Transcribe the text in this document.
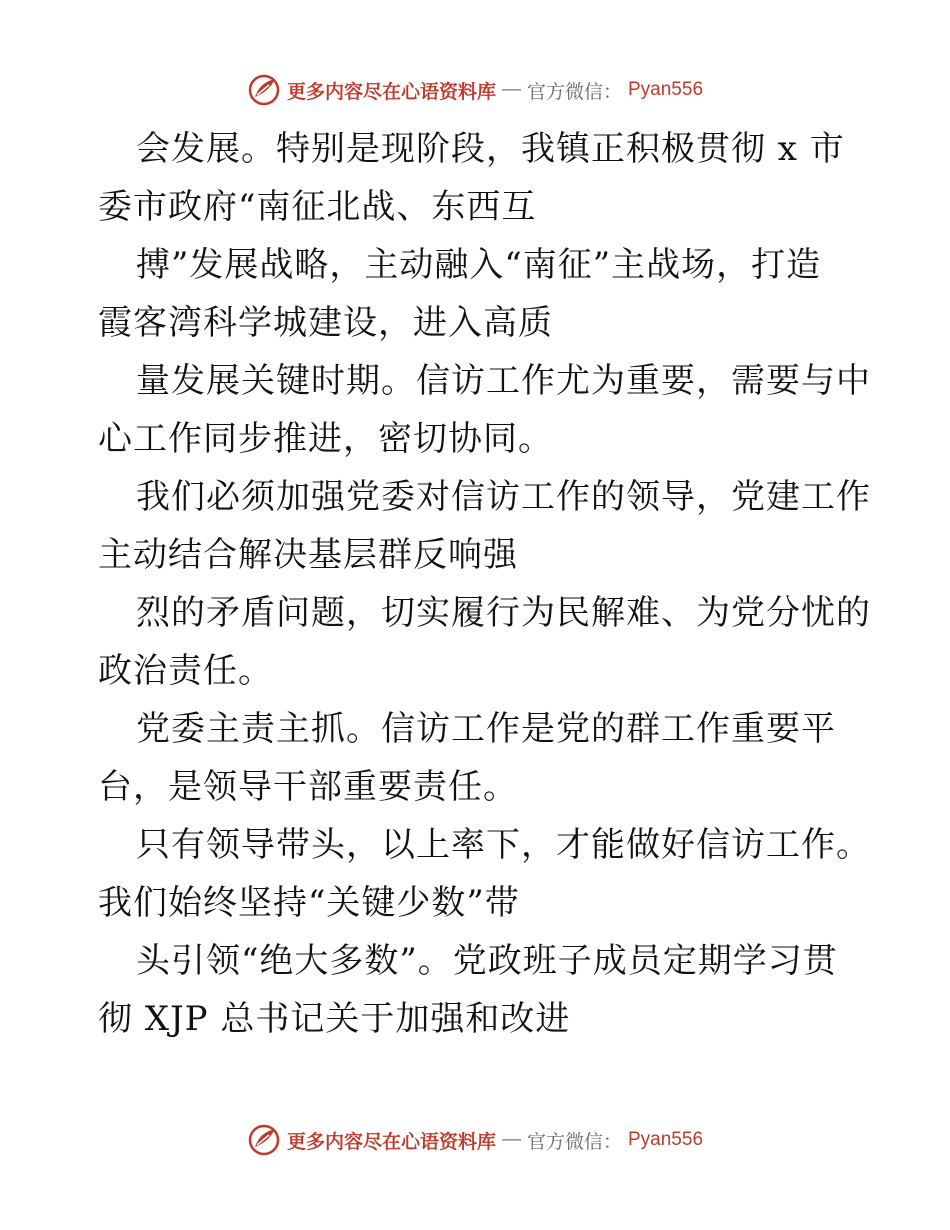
更多内容尽在心语资料库 — 官方微信： Pyan556
会发展。特别是现阶段，我镇正积极贯彻 x 市
委市政府“南征北战、东西互
搏”发展战略，主动融入“南征”主战场，打造
霞客湾科学城建设，进入高质
量发展关键时期。信访工作尤为重要，需要与中
心工作同步推进，密切协同。
我们必须加强党委对信访工作的领导，党建工作
主动结合解决基层群反响强
烈的矛盾问题，切实履行为民解难、为党分忧的
政治责任。
党委主责主抓。信访工作是党的群工作重要平
台，是领导干部重要责任。
只有领导带头，以上率下，才能做好信访工作。
我们始终坚持“关键少数”带
头引领“绝大多数”。党政班子成员定期学习贯
彻 XJP 总书记关于加强和改进
更多内容尽在心语资料库 — 官方微信： Pyan556
